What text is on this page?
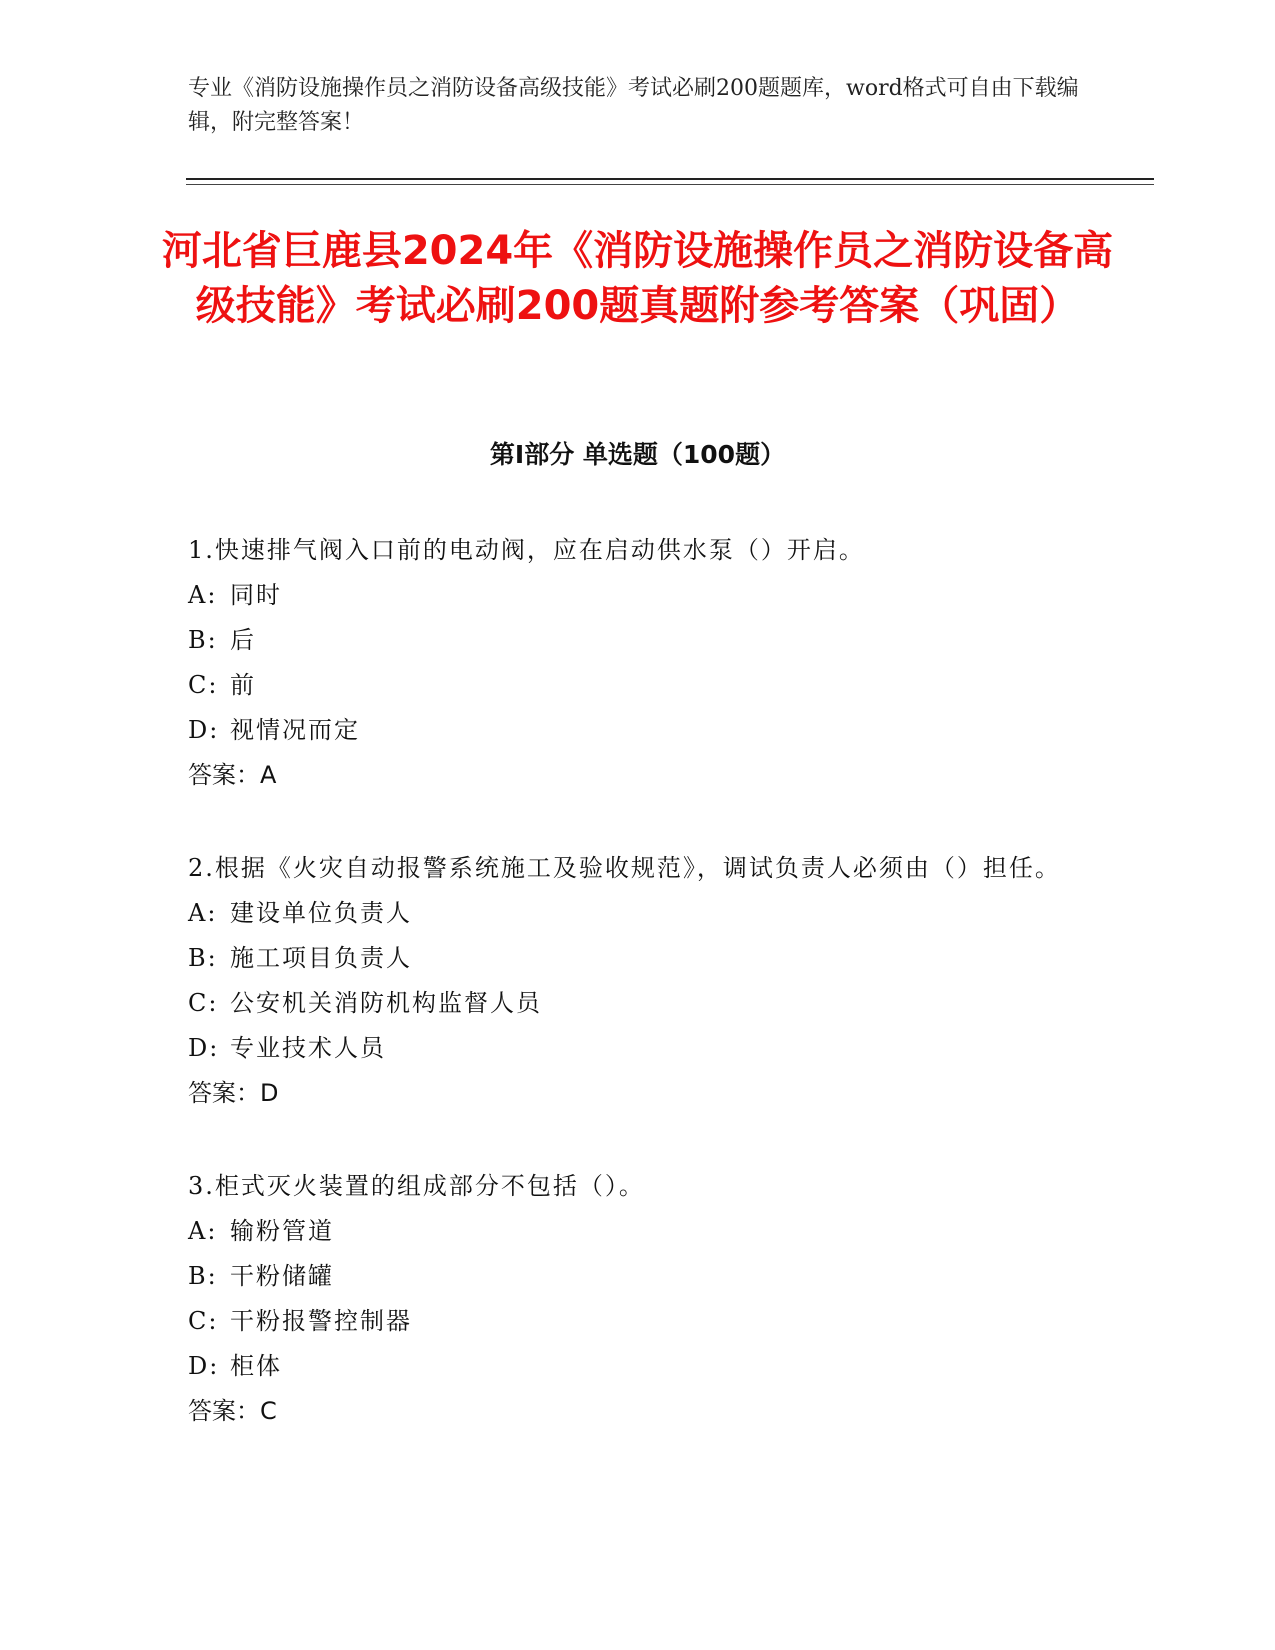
专业《消防设施操作员之消防设备高级技能》考试必刷200题题库，word格式可自由下载编辑，附完整答案！

河北省巨鹿县2024年《消防设施操作员之消防设备高级技能》考试必刷200题真题附参考答案（巩固）
第Ⅰ部分 单选题（100题）

1.快速排气阀入口前的电动阀，应在启动供水泵（）开启。

A: 同时

B: 后

C: 前

D: 视情况而定

答案：A

2.根据《火灾自动报警系统施工及验收规范》，调试负责人必须由（）担任。

A: 建设单位负责人

B: 施工项目负责人

C: 公安机关消防机构监督人员

D: 专业技术人员

答案：D

3.柜式灭火装置的组成部分不包括（）。

A: 输粉管道

B: 干粉储罐

C: 干粉报警控制器

D: 柜体

答案：C
